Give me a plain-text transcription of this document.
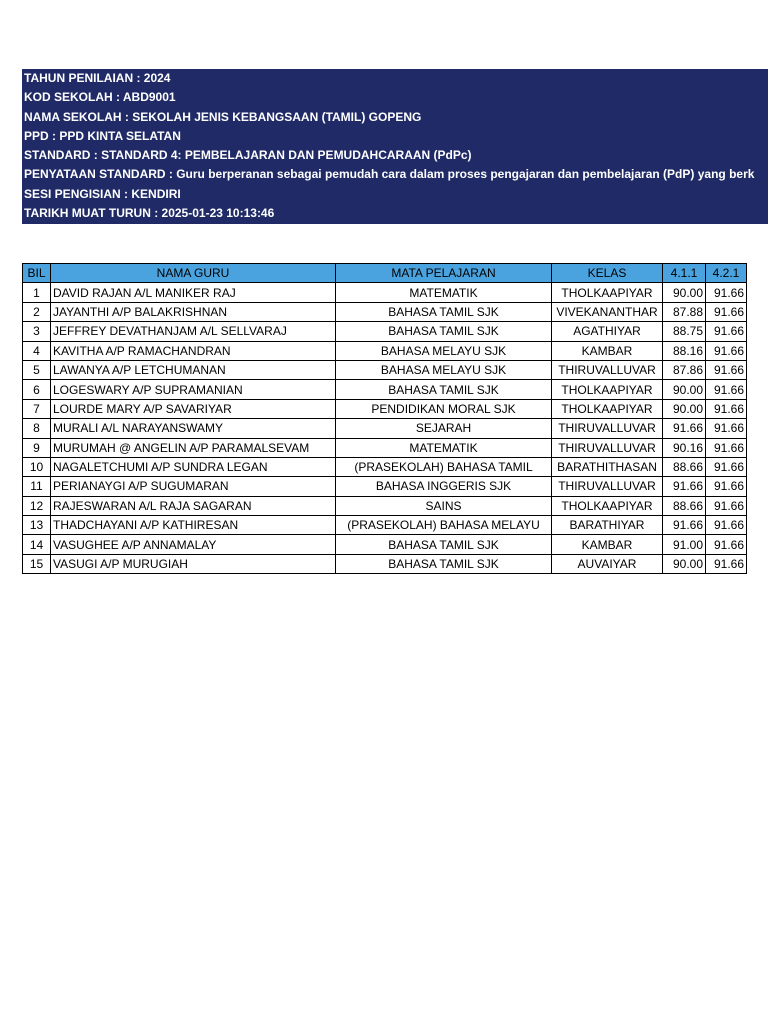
TAHUN PENILAIAN : 2024
KOD SEKOLAH : ABD9001
NAMA SEKOLAH : SEKOLAH JENIS KEBANGSAAN (TAMIL) GOPENG
PPD : PPD KINTA SELATAN
STANDARD : STANDARD 4: PEMBELAJARAN DAN PEMUDAHCARAAN (PdPc)
PENYATAAN STANDARD : Guru berperanan sebagai pemudah cara dalam proses pengajaran dan pembelajaran (PdP) yang berk
SESI PENGISIAN : KENDIRI
TARIKH MUAT TURUN : 2025-01-23 10:13:46
BIL	NAMA GURU	MATA PELAJARAN	KELAS	4.1.1	4.2.1
1	DAVID RAJAN A/L MANIKER RAJ	MATEMATIK	THOLKAAPIYAR	90.00	91.66
2	JAYANTHI A/P BALAKRISHNAN	BAHASA TAMIL SJK	VIVEKANANTHAR	87.88	91.66
3	JEFFREY DEVATHANJAM A/L SELLVARAJ	BAHASA TAMIL SJK	AGATHIYAR	88.75	91.66
4	KAVITHA A/P RAMACHANDRAN	BAHASA MELAYU SJK	KAMBAR	88.16	91.66
5	LAWANYA A/P LETCHUMANAN	BAHASA MELAYU SJK	THIRUVALLUVAR	87.86	91.66
6	LOGESWARY A/P SUPRAMANIAN	BAHASA TAMIL SJK	THOLKAAPIYAR	90.00	91.66
7	LOURDE MARY A/P SAVARIYAR	PENDIDIKAN MORAL SJK	THOLKAAPIYAR	90.00	91.66
8	MURALI A/L NARAYANSWAMY	SEJARAH	THIRUVALLUVAR	91.66	91.66
9	MURUMAH @ ANGELIN A/P PARAMALSEVAM	MATEMATIK	THIRUVALLUVAR	90.16	91.66
10	NAGALETCHUMI A/P SUNDRA LEGAN	(PRASEKOLAH) BAHASA TAMIL	BARATHITHASAN	88.66	91.66
11	PERIANAYGI A/P SUGUMARAN	BAHASA INGGERIS SJK	THIRUVALLUVAR	91.66	91.66
12	RAJESWARAN A/L RAJA SAGARAN	SAINS	THOLKAAPIYAR	88.66	91.66
13	THADCHAYANI A/P KATHIRESAN	(PRASEKOLAH) BAHASA MELAYU	BARATHIYAR	91.66	91.66
14	VASUGHEE A/P ANNAMALAY	BAHASA TAMIL SJK	KAMBAR	91.00	91.66
15	VASUGI A/P MURUGIAH	BAHASA TAMIL SJK	AUVAIYAR	90.00	91.66
